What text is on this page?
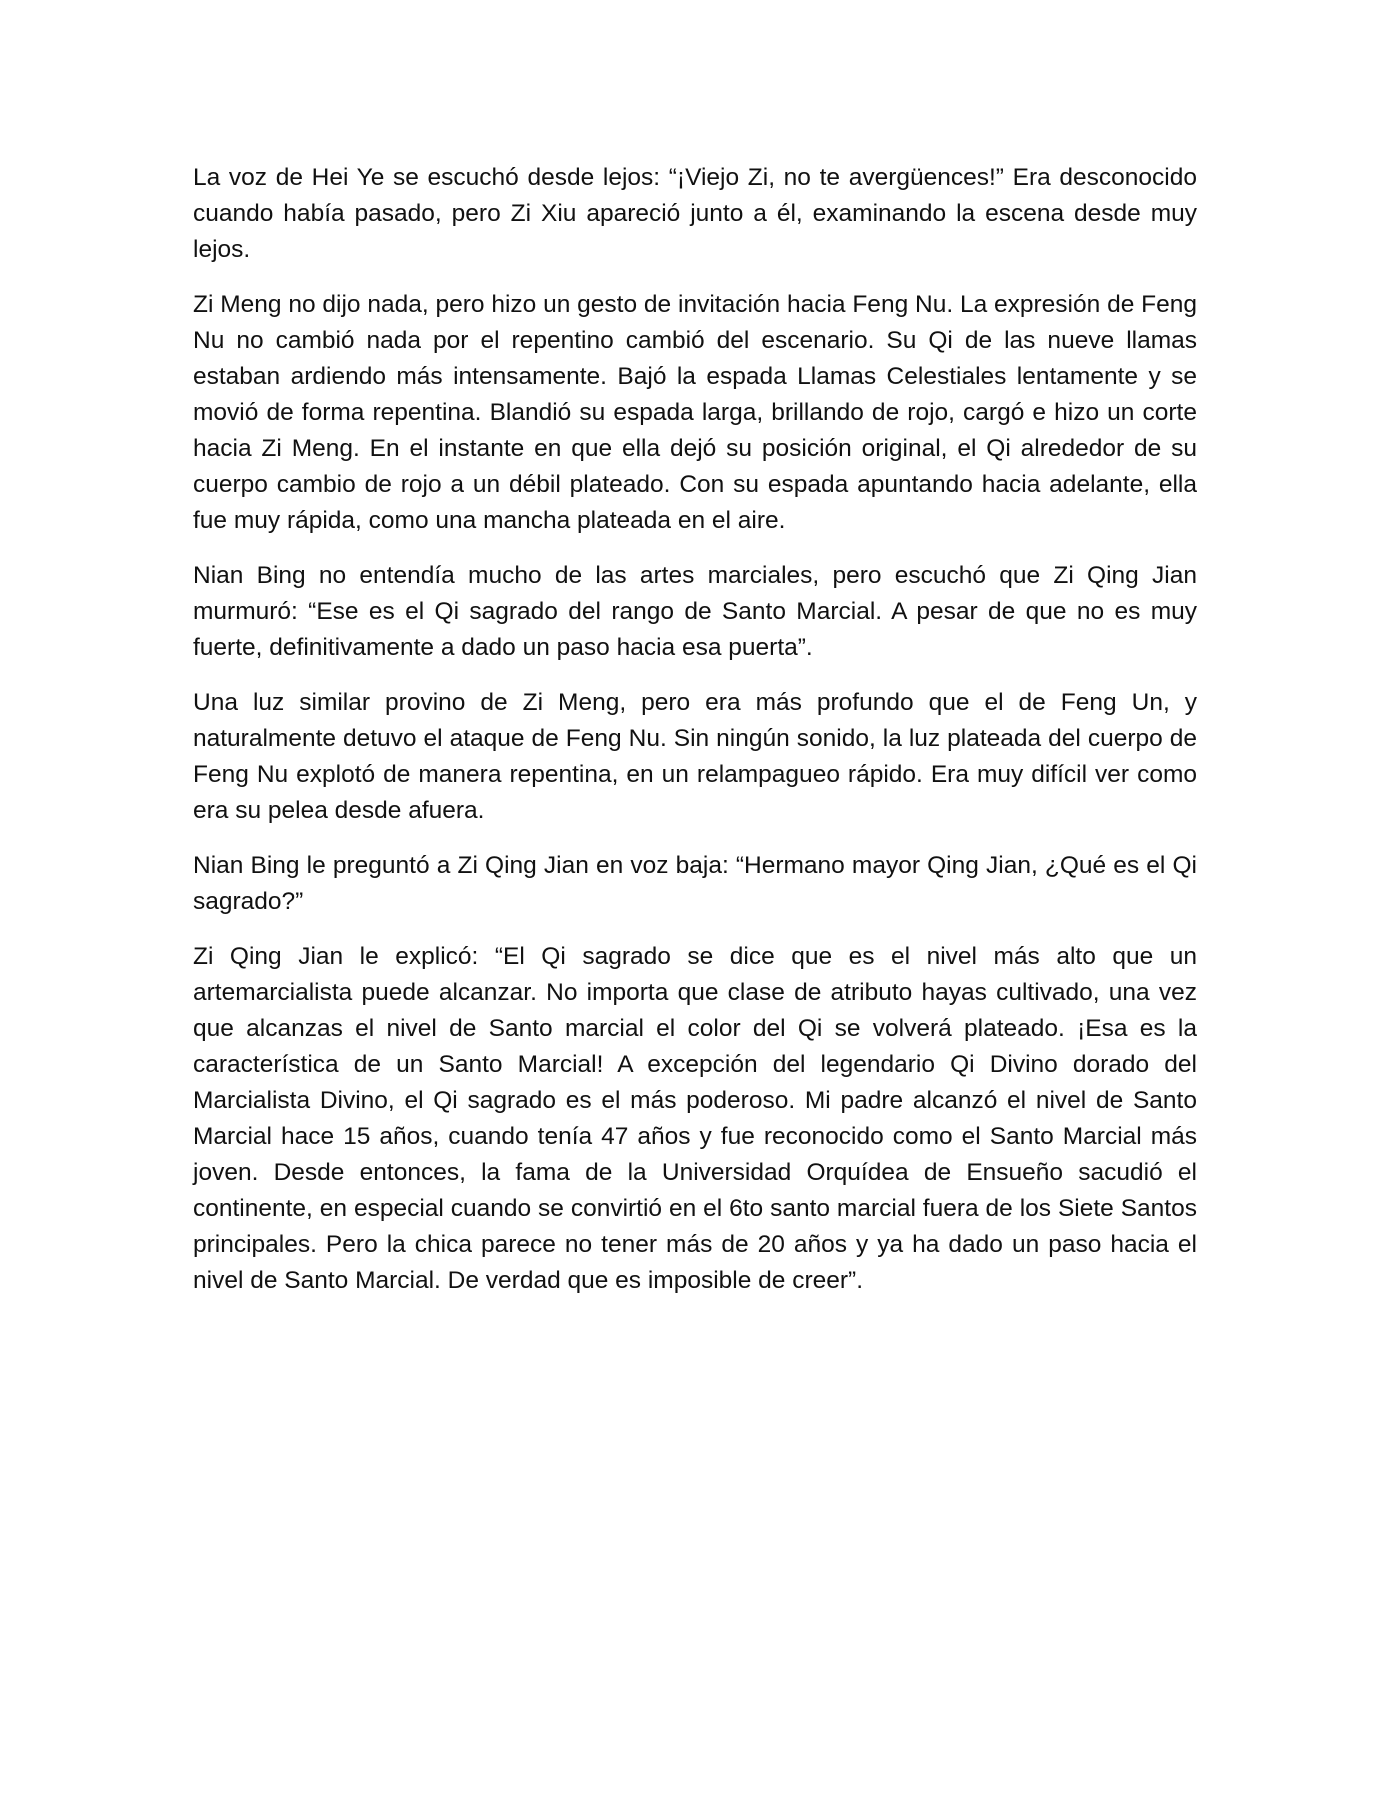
La voz de Hei Ye se escuchó desde lejos: “¡Viejo Zi, no te avergüences!” Era desconocido cuando había pasado, pero Zi Xiu apareció junto a él, examinando la escena desde muy lejos.

Zi Meng no dijo nada, pero hizo un gesto de invitación hacia Feng Nu. La expresión de Feng Nu no cambió nada por el repentino cambió del escenario. Su Qi de las nueve llamas estaban ardiendo más intensamente. Bajó la espada Llamas Celestiales lentamente y se movió de forma repentina. Blandió su espada larga, brillando de rojo, cargó e hizo un corte hacia Zi Meng. En el instante en que ella dejó su posición original, el Qi alrededor de su cuerpo cambio de rojo a un débil plateado. Con su espada apuntando hacia adelante, ella fue muy rápida, como una mancha plateada en el aire.

Nian Bing no entendía mucho de las artes marciales, pero escuchó que Zi Qing Jian murmuró: “Ese es el Qi sagrado del rango de Santo Marcial. A pesar de que no es muy fuerte, definitivamente a dado un paso hacia esa puerta”.

Una luz similar provino de Zi Meng, pero era más profundo que el de Feng Un, y naturalmente detuvo el ataque de Feng Nu. Sin ningún sonido, la luz plateada del cuerpo de Feng Nu explotó de manera repentina, en un relampagueo rápido. Era muy difícil ver como era su pelea desde afuera.

Nian Bing le preguntó a Zi Qing Jian en voz baja: “Hermano mayor Qing Jian, ¿Qué es el Qi sagrado?”

Zi Qing Jian le explicó: “El Qi sagrado se dice que es el nivel más alto que un artemarcialista puede alcanzar. No importa que clase de atributo hayas cultivado, una vez que alcanzas el nivel de Santo marcial el color del Qi se volverá plateado. ¡Esa es la característica de un Santo Marcial! A excepción del legendario Qi Divino dorado del Marcialista Divino, el Qi sagrado es el más poderoso. Mi padre alcanzó el nivel de Santo Marcial hace 15 años, cuando tenía 47 años y fue reconocido como el Santo Marcial más joven. Desde entonces, la fama de la Universidad Orquídea de Ensueño sacudió el continente, en especial cuando se convirtió en el 6to santo marcial fuera de los Siete Santos principales. Pero la chica parece no tener más de 20 años y ya ha dado un paso hacia el nivel de Santo Marcial. De verdad que es imposible de creer”.
